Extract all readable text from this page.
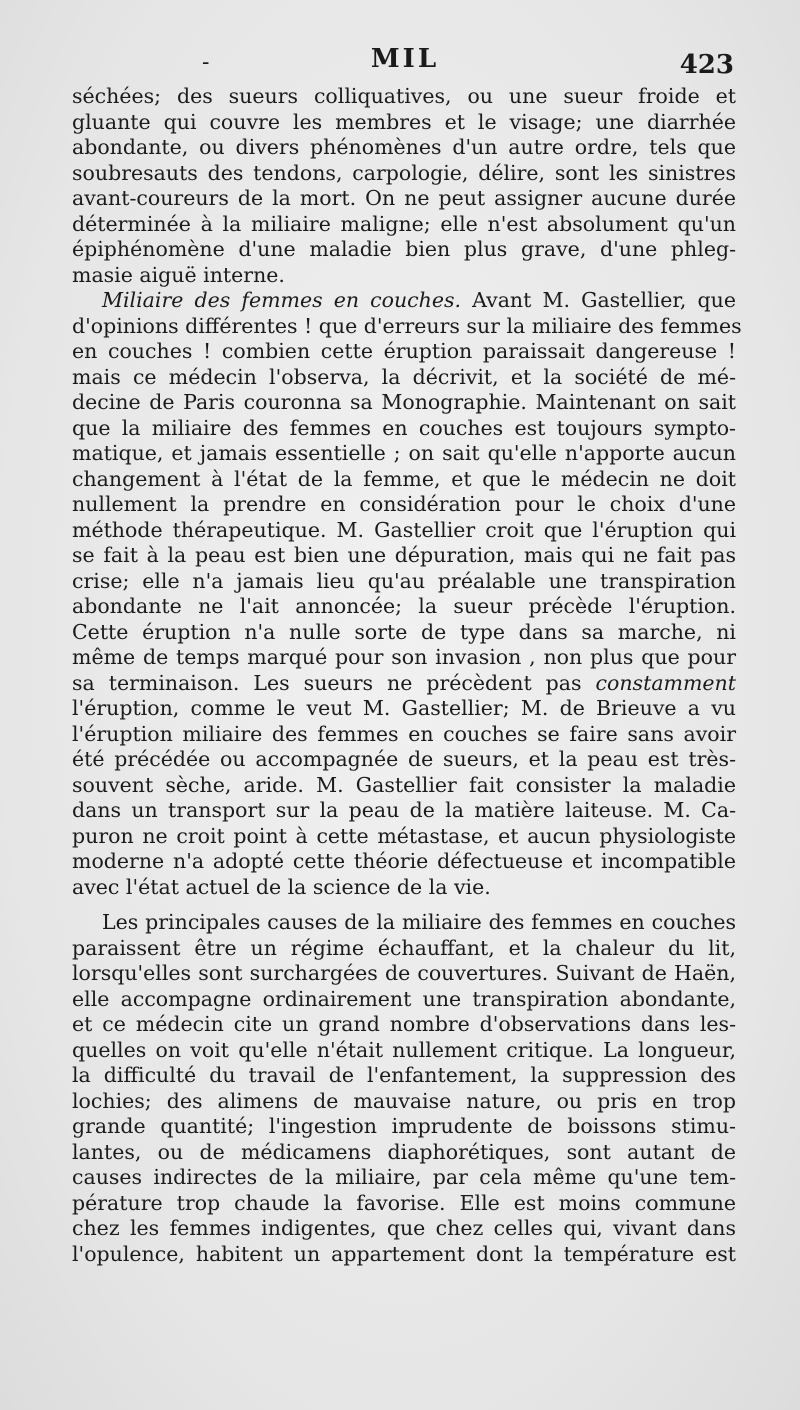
-	MIL	423
séchées; des sueurs colliquatives, ou une sueur froide et
gluante qui couvre les membres et le visage; une diarrhée
abondante, ou divers phénomènes d'un autre ordre, tels que
soubresauts des tendons, carpologie, délire, sont les sinistres
avant-coureurs de la mort. On ne peut assigner aucune durée
déterminée à la miliaire maligne; elle n'est absolument qu'un
épiphénomène d'une maladie bien plus grave, d'une phleg-
masie aiguë interne.
Miliaire des femmes en couches. Avant M. Gastellier, que
d'opinions différentes ! que d'erreurs sur la miliaire des femmes
en couches ! combien cette éruption paraissait dangereuse !
mais ce médecin l'observa, la décrivit, et la société de mé-
decine de Paris couronna sa Monographie. Maintenant on sait
que la miliaire des femmes en couches est toujours sympto-
matique, et jamais essentielle ; on sait qu'elle n'apporte aucun
changement à l'état de la femme, et que le médecin ne doit
nullement la prendre en considération pour le choix d'une
méthode thérapeutique. M. Gastellier croit que l'éruption qui
se fait à la peau est bien une dépuration, mais qui ne fait pas
crise; elle n'a jamais lieu qu'au préalable une transpiration
abondante ne l'ait annoncée; la sueur précède l'éruption.
Cette éruption n'a nulle sorte de type dans sa marche, ni
même de temps marqué pour son invasion , non plus que pour
sa terminaison. Les sueurs ne précèdent pas constamment
l'éruption, comme le veut M. Gastellier; M. de Brieuve a vu
l'éruption miliaire des femmes en couches se faire sans avoir
été précédée ou accompagnée de sueurs, et la peau est très-
souvent sèche, aride. M. Gastellier fait consister la maladie
dans un transport sur la peau de la matière laiteuse. M. Ca-
puron ne croit point à cette métastase, et aucun physiologiste
moderne n'a adopté cette théorie défectueuse et incompatible
avec l'état actuel de la science de la vie.
Les principales causes de la miliaire des femmes en couches
paraissent être un régime échauffant, et la chaleur du lit,
lorsqu'elles sont surchargées de couvertures. Suivant de Haën,
elle accompagne ordinairement une transpiration abondante,
et ce médecin cite un grand nombre d'observations dans les-
quelles on voit qu'elle n'était nullement critique. La longueur,
la difficulté du travail de l'enfantement, la suppression des
lochies; des alimens de mauvaise nature, ou pris en trop
grande quantité; l'ingestion imprudente de boissons stimu-
lantes, ou de médicamens diaphorétiques, sont autant de
causes indirectes de la miliaire, par cela même qu'une tem-
pérature trop chaude la favorise. Elle est moins commune
chez les femmes indigentes, que chez celles qui, vivant dans
l'opulence, habitent un appartement dont la température est
